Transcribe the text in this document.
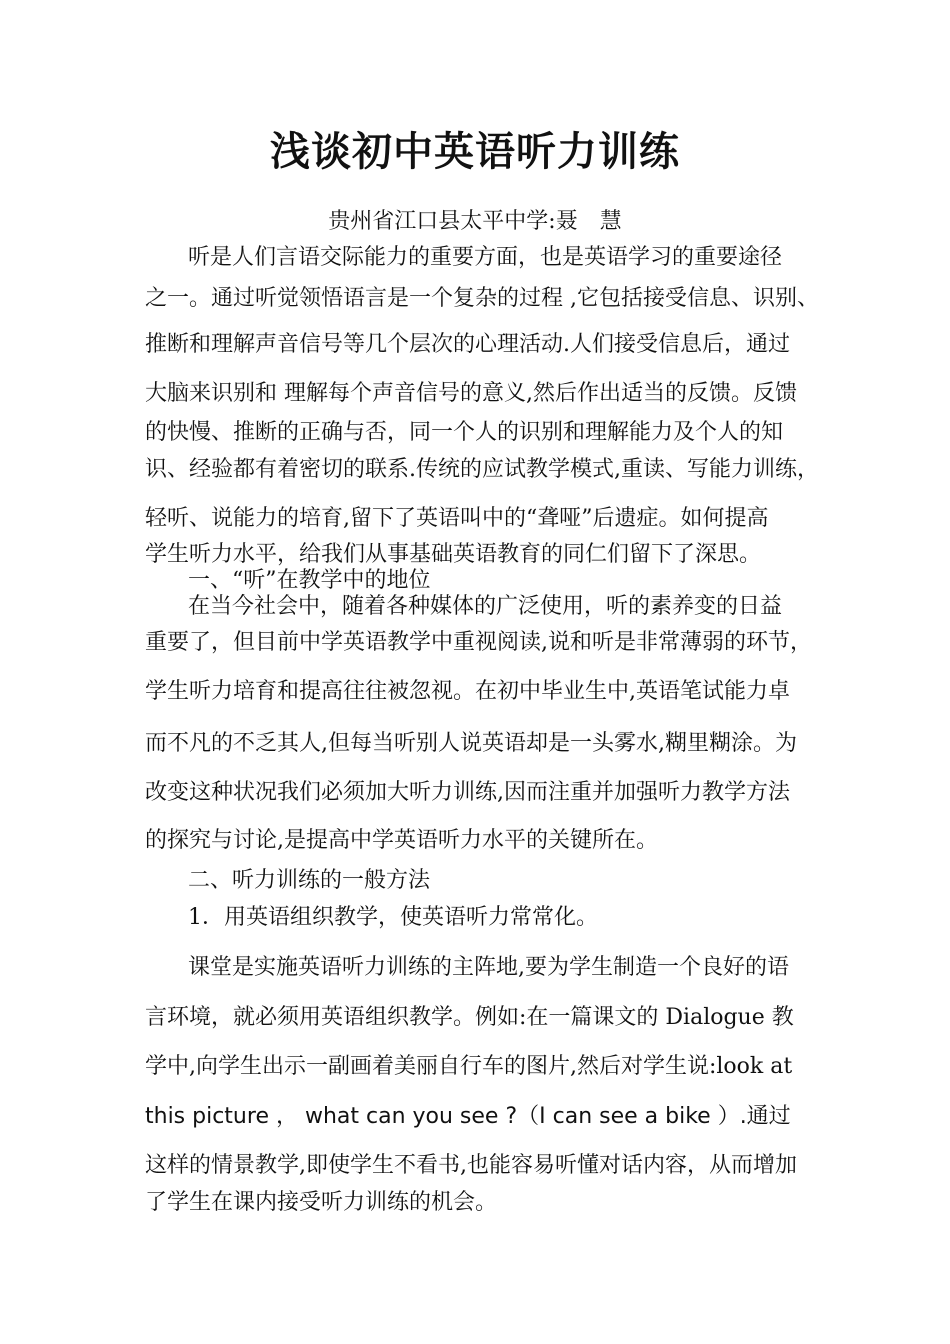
浅谈初中英语听力训练
贵州省江口县太平中学:聂　慧
听是人们言语交际能力的重要方面，也是英语学习的重要途径
之一。通过听觉领悟语言是一个复杂的过程 ,它包括接受信息、识别、
推断和理解声音信号等几个层次的心理活动.人们接受信息后，通过
大脑来识别和 理解每个声音信号的意义,然后作出适当的反馈。反馈
的快慢、推断的正确与否，同一个人的识别和理解能力及个人的知
识、经验都有着密切的联系.传统的应试教学模式,重读、写能力训练，
轻听、说能力的培育,留下了英语叫中的“聋哑”后遗症。如何提高
学生听力水平，给我们从事基础英语教育的同仁们留下了深思。
一、“听”在教学中的地位
在当今社会中，随着各种媒体的广泛使用，听的素养变的日益
重要了，但目前中学英语教学中重视阅读,说和听是非常薄弱的环节，
学生听力培育和提高往往被忽视。在初中毕业生中,英语笔试能力卓
而不凡的不乏其人,但每当听别人说英语却是一头雾水,糊里糊涂。为
改变这种状况我们必须加大听力训练,因而注重并加强听力教学方法
的探究与讨论,是提高中学英语听力水平的关键所在。
二、听力训练的一般方法
1．用英语组织教学，使英语听力常常化。
课堂是实施英语听力训练的主阵地,要为学生制造一个良好的语
言环境，就必须用英语组织教学。例如:在一篇课文的 Dialogue 教
学中,向学生出示一副画着美丽自行车的图片,然后对学生说:look at
this picture ， what can you see ?（I can see a bike ）.通过
这样的情景教学,即使学生不看书,也能容易听懂对话内容，从而增加
了学生在课内接受听力训练的机会。
